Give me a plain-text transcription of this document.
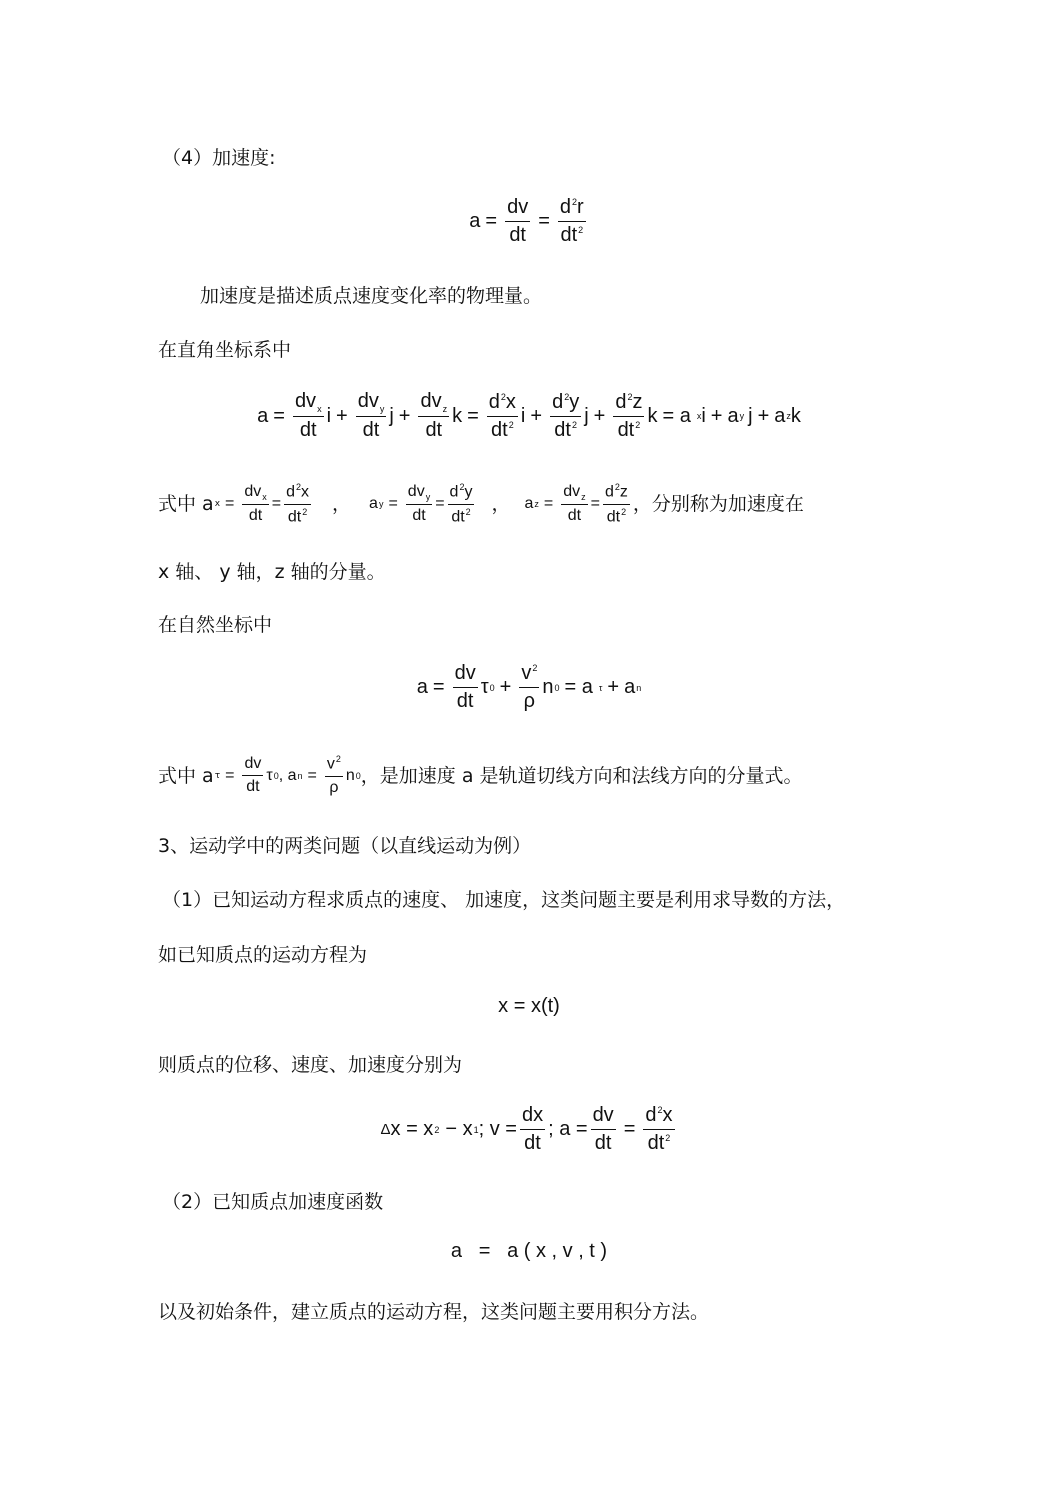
（4）加速度:
$a = \frac{dv}{dt} = \frac{d^2r}{dt^2}$
加速度是描述质点速度变化率的物理量。
在直角坐标系中
$a = \frac{dv_x}{dt}$ $i + \frac{dv_y}{dt}$ $j + \frac{dv_z}{dt}$ $k = \frac{d^2x}{dt^2}$ $i + \frac{d^2y}{dt^2}$ $j + \frac{d^2z}{dt^2}$ k = a x i + a y j + a z k
式中 a $x = \frac{dv_x}{dt} = \frac{d^2x}{dt^2}$ ， a $y = \frac{dv_y}{dt} = \frac{d^2y}{dt^2}$ ， a $z = \frac{dv_z}{dt} = \frac{d^2z}{dt^2}$ ，分别称为加速度在
x 轴、 y 轴，z 轴的分量。
在自然坐标中
$a = \frac{dv}{dt}$ τ $0 + \frac{v^2}{\rho}$ n 0 = a τ + a n
式中 a $\tau = \frac{dv}{dt}$ τ 0 , a $n = \frac{v^2}{\rho}$ n 0 ，是加速度 a 是轨道切线方向和法线方向的分量式。
3、运动学中的两类问题（以直线运动为例）
（1）已知运动方程求质点的速度、 加速度，这类问题主要是利用求导数的方法，
如已知质点的运动方程为
x = x(t)
则质点的位移、速度、加速度分别为
Δ x = x 2 − x 1 ; $v = \frac{dx}{dt}$ ; $a = \frac{dv}{dt} = \frac{d^2x}{dt^2}$
（2）已知质点加速度函数
a   =   a ( x , v , t )
以及初始条件，建立质点的运动方程，这类问题主要用积分方法。
